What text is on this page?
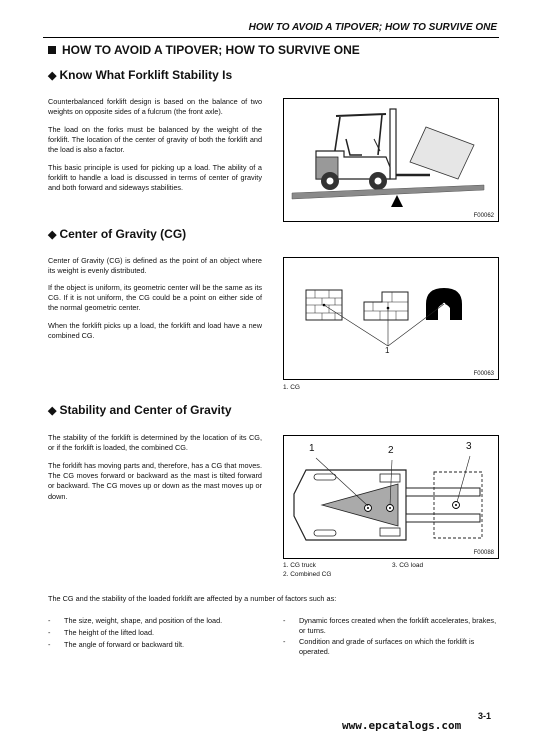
HOW TO AVOID A TIPOVER; HOW TO SURVIVE ONE
HOW TO AVOID A TIPOVER; HOW TO SURVIVE ONE
◆ Know What Forklift Stability Is

Counterbalanced forklift design is based on the balance of two weights on opposite sides of a fulcrum (the front axle).

The load on the forks must be balanced by the weight of the forklift. The location of the center of gravity of both the forklift and the load is also a factor.

This basic principle is used for picking up a load. The ability of a forklift to handle a load is discussed in terms of center of gravity and both forward and sideways stabilities.

F00062
◆ Center of Gravity (CG)

Center of Gravity (CG) is defined as the point of an object where its weight is evenly distributed.

If the object is uniform, its geometric center will be the same as its CG. If it is not uniform, the CG could be a point on either side of the normal geometric center.

When the forklift picks up a load, the forklift and load have a new combined CG.

1
F00063
1. CG
◆ Stability and Center of Gravity

The stability of the forklift is determined by the location of its CG, or if the forklift is loaded, the combined CG.

The forklift has moving parts and, therefore, has a CG that moves. The CG moves forward or backward as the mast is tilted forward or backward. The CG moves up or down as the mast moves up or down.

1	2	3
F00088
1. CG truck
2. Combined CG
3. CG load
The CG and the stability of the loaded forklift are affected by a number of factors such as:
-	The size, weight, shape, and position of the load.
-	The height of the lifted load.
-	The angle of forward or backward tilt.
-	Dynamic forces created when the forklift accelerates, brakes, or turns.
-	Condition and grade of surfaces on which the forklift is operated.
3-1
www.epcatalogs.com
